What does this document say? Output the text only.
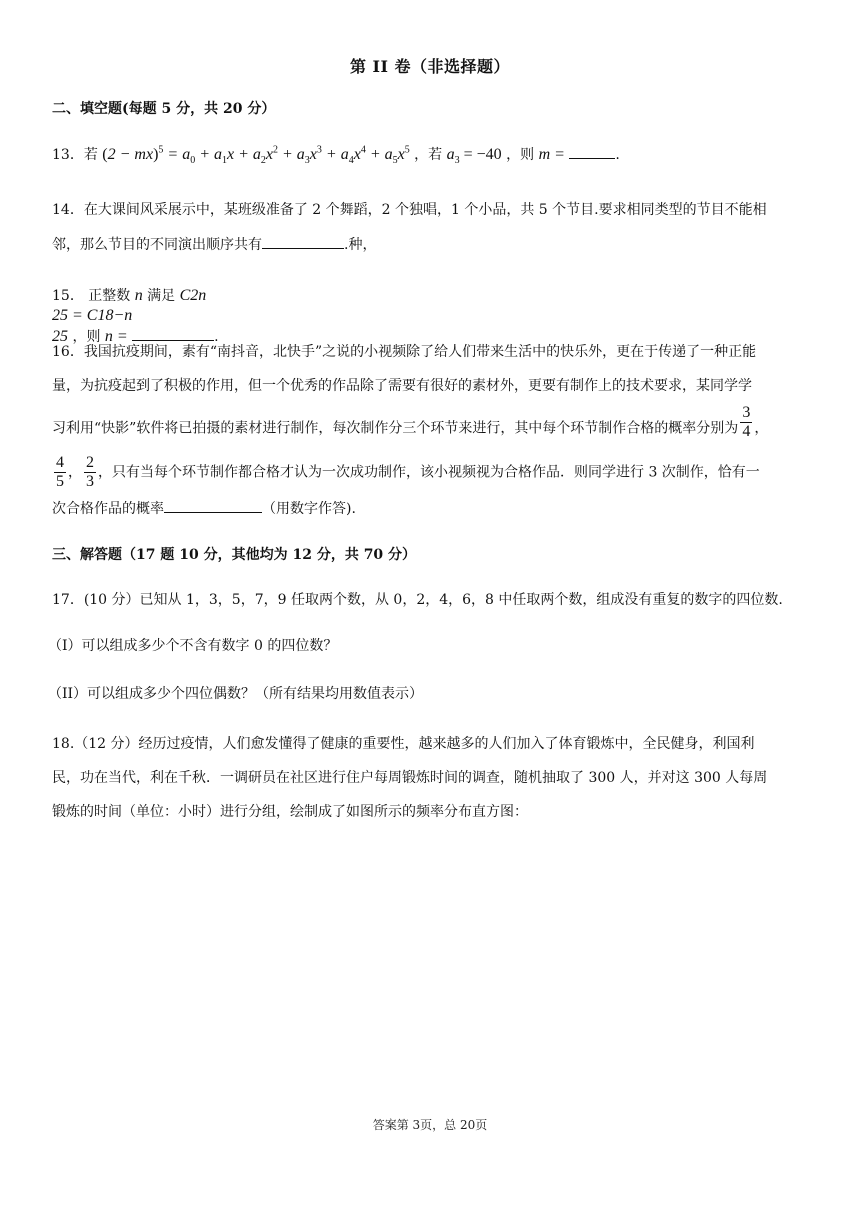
第 II 卷（非选择题）
二、填空题(每题 5 分，共 20 分）
13．若 $(2 - mx)^5 = a_0 + a_1x + a_2x^2 + a_3x^3 + a_4x^4 + a_5x^5$ ，若 $a_3 = -40$ ，则 m =	.
14．在大课间风采展示中，某班级准备了 2 个舞蹈，2 个独唱，1 个小品，共 5 个节目.要求相同类型的节目不能相
邻，那么节目的不同演出顺序共有	.种，
15． 正整数 n 满足 C2n
25 = C18−n
25 ，则 n =	.
16．我国抗疫期间，素有“南抖音，北快手”之说的小视频除了给人们带来生活中的快乐外，更在于传递了一种正能
量，为抗疫起到了积极的作用，但一个优秀的作品除了需要有很好的素材外，更要有制作上的技术要求，某同学学
习利用“快影”软件将已拍摄的素材进行制作，每次制作分三个环节来进行，其中每个环节制作合格的概率分别为 $\frac{3}{4}$ ，
$\frac{4}{5}$ ， $\frac{2}{3}$ ，只有当每个环节制作都合格才认为一次成功制作，该小视频视为合格作品．则同学进行 3 次制作，恰有一
次合格作品的概率	（用数字作答).
三、解答题（17 题 10 分，其他均为 12 分，共 70 分）
17．(10 分）已知从 1，3，5，7，9 任取两个数，从 0，2，4，6，8 中任取两个数，组成没有重复的数字的四位数.
（I）可以组成多少个不含有数字 0 的四位数？
（II）可以组成多少个四位偶数？（所有结果均用数值表示）
18.（12 分）经历过疫情，人们愈发懂得了健康的重要性，越来越多的人们加入了体育锻炼中，全民健身，利国利
民，功在当代，利在千秋．一调研员在社区进行住户每周锻炼时间的调查，随机抽取了 300 人，并对这 300 人每周
锻炼的时间（单位：小时）进行分组，绘制成了如图所示的频率分布直方图：
答案第 3页，总 20页
